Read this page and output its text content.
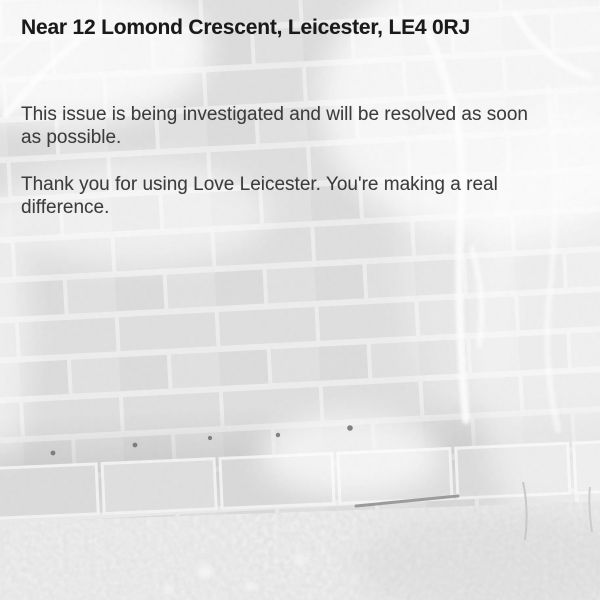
Near 12 Lomond Crescent, Leicester, LE4 0RJ
This issue is being investigated and will be resolved as soon
as possible.
Thank you for using Love Leicester. You're making a real
difference.
